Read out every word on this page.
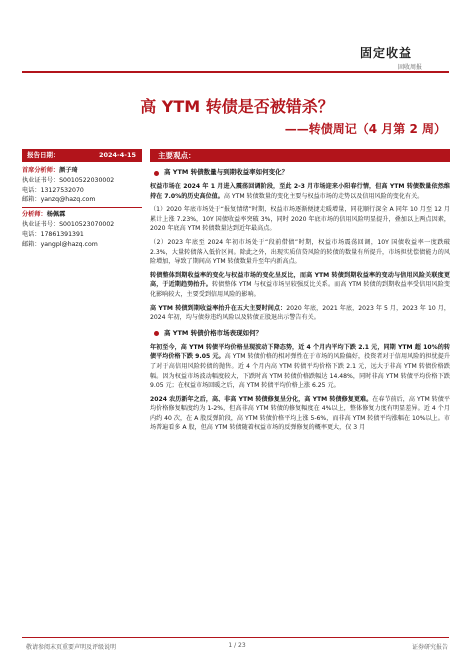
固定收益
固收周报
高 YTM 转债是否被错杀？
——转债周记（4 月第 2 周）
报告日期：	2024-4-15
首席分析师：颜子琦
执业证书号：S0010522030002
电话：13127532070
邮箱：yanzq@hazq.com
分析师：杨佩霖
执业证书号：S0010523070002
电话：17861391391
邮箱：yangpl@hazq.com
主要观点：
高 YTM 转债数量与到期收益率如何变化？
权益市场在 2024 年 1 月进入震荡回调阶段，至此 2-3 月市场迎来小阳春行情，但高 YTM 转债数量依然维持在 7.0%的历史高位值。高 YTM 转债数量的变化主要与权益市场的走势以及信用风险的变化有关。
（1）2020 年底市场处于“报复情绪”时期，权益市场逐渐便捷走暖增量，同花顺行深全 A 同年 10 月至 12 月累计上涨 7.23%，10Y 国债收益率突破 3%，同时 2020 年底市场的信用风险明显提升，叠加以上两点因素，2020 年底高 YTM 转债数量达到近年最高点。
（2）2023 年底至 2024 年初市场处于“段前借债”时期，权益市场震荡回调，10Y 国债收益率一度跌破 2.3%，大量转债落入低价区间。除此之外，出现实质信贷风险的转债的数量有所提升，市场担忧偿债能力的风险增加，导致了期间高 YTM 转债数量升至年内新高点。
转债整体到期收益率的变化与权益市场的变化呈反比，而高 YTM 转债到期收益率的变动与信用风险关联度更高，于近期趋势抬升。转债整体 YTM 与权益市场呈较强反比关系。而高 YTM 转债的到期收益率受信用风险变化影响较大，主要受到信用风险的影响。
高 YTM 转债到期收益率抬升在五大主要时间点：2020 年底，2021 年底，2023 年 5 月，2023 年 10 月，2024 年初，均与债券违约风险以及转债正股退出示警告有关。
高 YTM 转债价格市场表现如何？
年初至今，高 YTM 转债平均价格呈现波动下降态势，近 4 个月内平均下跌 2.1 元，同期 YTM 超 10%的转债平均价格下跌 9.05 元。高 YTM 转债价格的相对弹性在于市场的风险偏好，投资者对于信用风险的担忧提升了对于高信用风险转债的抛售。近 4 个月内高 YTM 转债平均价格下跌 2.1 元，远大于非高 YTM 转债价格跌幅。因为权益市场波动幅度较大，下跌时高 YTM 转债价格跌幅达 14.48%，同时非高 YTM 转债平均价格下跌 9.05 元；在权益市场回暖之后，高 YTM 转债平均价格上涨 6.25 元。
2024 农历新年之后，高、非高 YTM 转债修复呈分化，高 YTM 转债修复更难。在春节前后，高 YTM 转债平均价格修复幅度约为 1-2%，但高非高 YTM 转债的修复幅度在 4%以上，整体修复力度有明显差异。近 4 个月内约 40 次，在 A 股反弹阶段，高 YTM 转债价格平均上涨 5-6%，而非高 YTM 转债平均涨幅在 10%以上。市场普遍看多 A 股，但高 YTM 转债随着权益市场的反弹修复的概率更大，仅 3 月
敬请参阅末页重要声明及评级说明	1 / 23	证券研究报告
